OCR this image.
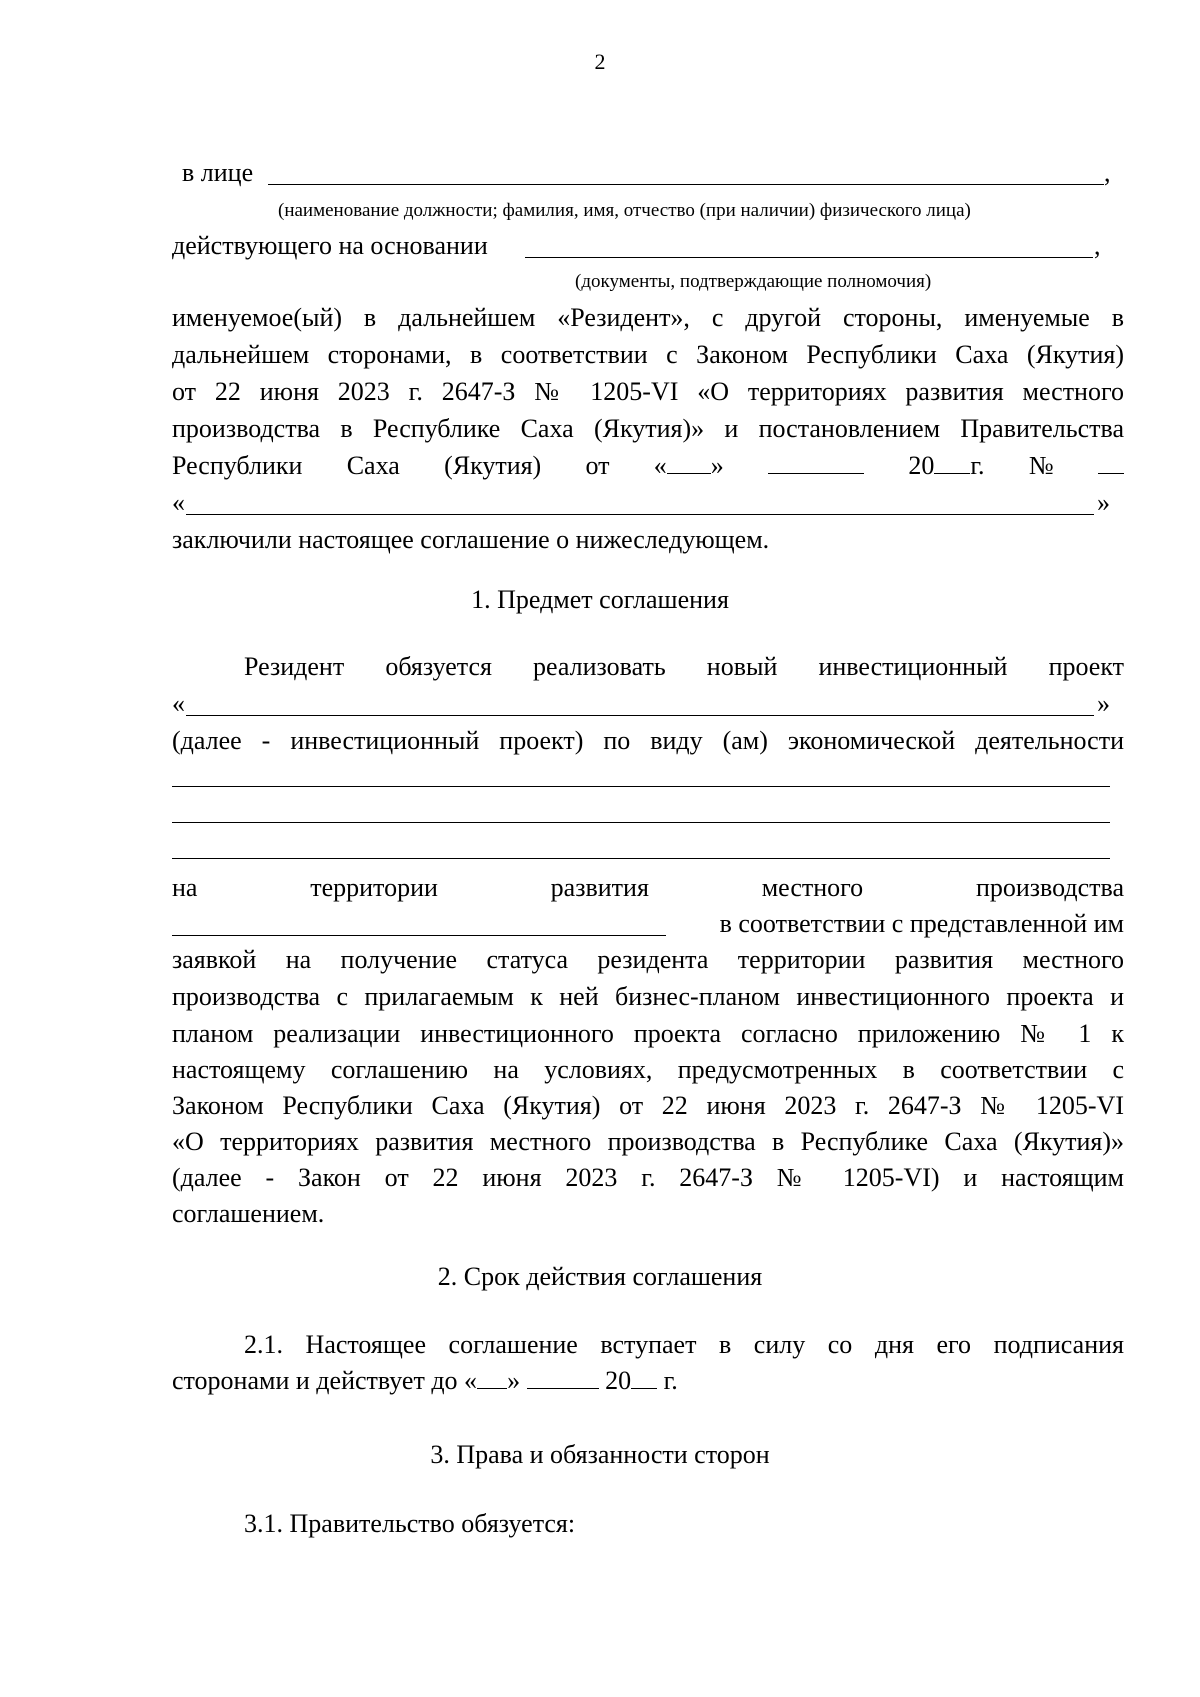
2
в лице	,
(наименование должности; фамилия, имя, отчество (при наличии) физического лица)
действующего на основании	,
(документы, подтверждающие полномочия)
именуемое(ый) в дальнейшем «Резидент», с другой стороны, именуемые в
дальнейшем сторонами, в соответствии с Законом Республики Саха (Якутия)
от 22 июня 2023 г. 2647-З № 1205-VI «О территориях развития местного
производства в Республике Саха (Якутия)» и постановлением Правительства
Республики Саха (Якутия) от « »	20 г. №
«	»
заключили настоящее соглашение о нижеследующем.
1. Предмет соглашения
Резидент обязуется реализовать новый инвестиционный проект
«	»
(далее - инвестиционный проект) по виду (ам) экономической деятельности
на	территории	развития	местного	производства
в соответствии с представленной им
заявкой на получение статуса резидента территории развития местного
производства с прилагаемым к ней бизнес-планом инвестиционного проекта и
планом реализации инвестиционного проекта согласно приложению № 1 к
настоящему соглашению на условиях, предусмотренных в соответствии с
Законом Республики Саха (Якутия) от 22 июня 2023 г. 2647-З № 1205-VI
«О территориях развития местного производства в Республике Саха (Якутия)»
(далее - Закон от 22 июня 2023 г. 2647-З № 1205-VI) и настоящим
соглашением.
2. Срок действия соглашения
2.1. Настоящее соглашение вступает в силу со дня его подписания
сторонами и действует до « »	20 г.
3. Права и обязанности сторон
3.1. Правительство обязуется:
